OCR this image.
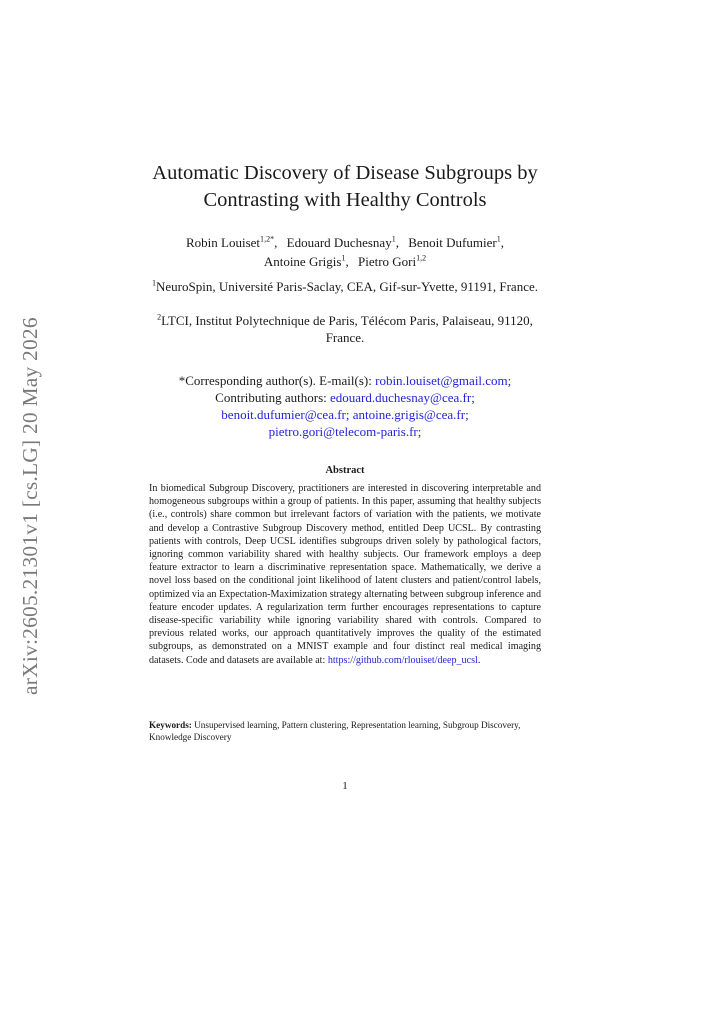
arXiv:2605.21301v1 [cs.LG] 20 May 2026
Automatic Discovery of Disease Subgroups by Contrasting with Healthy Controls
Robin Louiset$^{1,2*}$, Edouard Duchesnay$^1$, Benoit Dufumier$^1$,
Antoine Grigis$^1$, Pietro Gori$^{1,2}$
$^1$NeuroSpin, Université Paris-Saclay, CEA, Gif-sur-Yvette, 91191, France.
$^2$LTCI, Institut Polytechnique de Paris, Télécom Paris, Palaiseau, 91120, France.
*Corresponding author(s). E-mail(s): robin.louiset@gmail.com;
Contributing authors: edouard.duchesnay@cea.fr;
benoit.dufumier@cea.fr; antoine.grigis@cea.fr;
pietro.gori@telecom-paris.fr;
Abstract
In biomedical Subgroup Discovery, practitioners are interested in discovering interpretable and homogeneous subgroups within a group of patients. In this paper, assuming that healthy subjects (i.e., controls) share common but irrelevant factors of variation with the patients, we motivate and develop a Contrastive Subgroup Discovery method, entitled Deep UCSL. By contrasting patients with controls, Deep UCSL identifies subgroups driven solely by pathological factors, ignoring common variability shared with healthy subjects. Our framework employs a deep feature extractor to learn a discriminative representation space. Mathematically, we derive a novel loss based on the conditional joint likelihood of latent clusters and patient/control labels, optimized via an Expectation-Maximization strategy alternating between subgroup inference and feature encoder updates. A regularization term further encourages representations to capture disease-specific variability while ignoring variability shared with controls. Compared to previous related works, our approach quantitatively improves the quality of the estimated subgroups, as demonstrated on a MNIST example and four distinct real medical imaging datasets. Code and datasets are available at: https://github.com/rlouiset/deep_ucsl.
Keywords: Unsupervised learning, Pattern clustering, Representation learning, Subgroup Discovery, Knowledge Discovery
1
